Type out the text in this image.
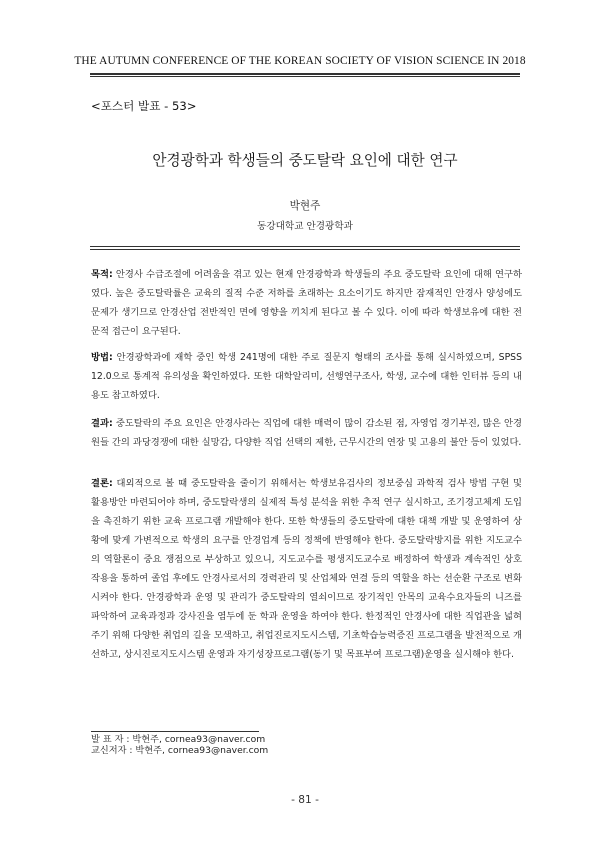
THE AUTUMN CONFERENCE OF THE KOREAN SOCIETY OF VISION SCIENCE IN 2018
<포스터 발표 - 53>
안경광학과 학생들의 중도탈락 요인에 대한 연구
박현주
동강대학교 안경광학과
목적: 안경사 수급조절에 어려움을 겪고 있는 현재 안경광학과 학생들의 주요 중도탈락 요인에 대해 연구하였다. 높은 중도탈락률은 교육의 질적 수준 저하를 초래하는 요소이기도 하지만 잠재적인 안경사 양성에도 문제가 생기므로 안경산업 전반적인 면에 영향을 끼치게 된다고 볼 수 있다. 이에 따라 학생보유에 대한 전문적 접근이 요구된다.
방법: 안경광학과에 재학 중인 학생 241명에 대한 주로 질문지 형태의 조사를 통해 실시하였으며, SPSS 12.0으로 통계적 유의성을 확인하였다. 또한 대학알리미, 선행연구조사, 학생, 교수에 대한 인터뷰 등의 내용도 참고하였다.
결과: 중도탈락의 주요 요인은 안경사라는 직업에 대한 매력이 많이 감소된 점, 자영업 경기부진, 많은 안경원들 간의 과당경쟁에 대한 실망감, 다양한 직업 선택의 제한, 근무시간의 연장 및 고용의 불안 등이 있었다.
결론: 대외적으로 볼 때 중도탈락을 줄이기 위해서는 학생보유검사의 정보중심 과학적 검사 방법 구현 및 활용방안 마련되어야 하며, 중도탈락생의 실제적 특성 분석을 위한 추적 연구 실시하고, 조기경고체계 도입을 촉진하기 위한 교육 프로그램 개발해야 한다. 또한 학생들의 중도탈락에 대한 대책 개발 및 운영하여 상황에 맞게 가변적으로 학생의 요구를 안경업계 등의 정책에 반영해야 한다. 중도탈락방지를 위한 지도교수의 역할론이 중요 쟁점으로 부상하고 있으니, 지도교수를 평생지도교수로 배정하여 학생과 계속적인 상호 작용을 통하여 졸업 후에도 안경사로서의 경력관리 및 산업체와 연결 등의 역할을 하는 선순환 구조로 변화시켜야 한다. 안경광학과 운영 및 관리가 중도탈락의 열쇠이므로 장기적인 안목의 교육수요자들의 니즈를 파악하여 교육과정과 강사진을 염두에 둔 학과 운영을 하여야 한다. 한정적인 안경사에 대한 직업관을 넓혀주기 위해 다양한 취업의 길을 모색하고, 취업진로지도시스템, 기초학습능력증진 프로그램을 발전적으로 개선하고, 상시진로지도시스템 운영과 자기성장프로그램(동기 및 목표부여 프로그램)운영을 실시해야 한다.
발 표 자 : 박현주, cornea93@naver.com
교신저자 : 박현주, cornea93@naver.com
- 81 -
